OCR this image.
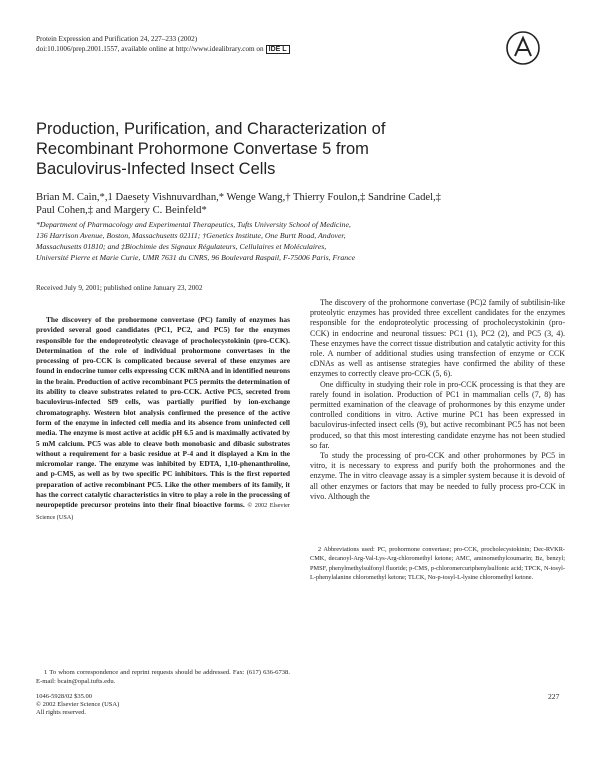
Protein Expression and Purification 24, 227–233 (2002)
doi:10.1006/prep.2001.1557, available online at http://www.idealibrary.com on IDE L
Production, Purification, and Characterization of
Recombinant Prohormone Convertase 5 from
Baculovirus-Infected Insect Cells
Brian M. Cain,*,1 Daesety Vishnuvardhan,* Wenge Wang,† Thierry Foulon,‡ Sandrine Cadel,‡
Paul Cohen,‡ and Margery C. Beinfeld*
*Department of Pharmacology and Experimental Therapeutics, Tufts University School of Medicine,
136 Harrison Avenue, Boston, Massachusetts 02111; †Genetics Institute, One Burtt Road, Andover,
Massachusetts 01810; and ‡Biochimie des Signaux Régulateurs, Cellulaires et Moléculaires,
Université Pierre et Marie Curie, UMR 7631 du CNRS, 96 Boulevard Raspail, F-75006 Paris, France
Received July 9, 2001; published online January 23, 2002

The discovery of the prohormone convertase (PC) family of enzymes has provided several good candidates (PC1, PC2, and PC5) for the enzymes responsible for the endoproteolytic cleavage of procholecystokinin (pro-CCK). Determination of the role of individual prohormone convertases in the processing of pro-CCK is complicated because several of these enzymes are found in endocrine tumor cells expressing CCK mRNA and in identified neurons in the brain. Production of active recombinant PC5 permits the determination of its ability to cleave substrates related to pro-CCK. Active PC5, secreted from baculovirus-infected Sf9 cells, was partially purified by ion-exchange chromatography. Western blot analysis confirmed the presence of the active form of the enzyme in infected cell media and its absence from uninfected cell media. The enzyme is most active at acidic pH 6.5 and is maximally activated by 5 mM calcium. PC5 was able to cleave both monobasic and dibasic substrates without a requirement for a basic residue at P-4 and it displayed a Km in the micromolar range. The enzyme was inhibited by EDTA, 1,10-phenanthroline, and p-CMS, as well as by two specific PC inhibitors. This is the first reported preparation of active recombinant PC5. Like the other members of its family, it has the correct catalytic characteristics in vitro to play a role in the processing of neuropeptide precursor proteins into their final bioactive forms. © 2002 Elsevier Science (USA)

The discovery of the prohormone convertase (PC)2 family of subtilisin-like proteolytic enzymes has provided three excellent candidates for the enzymes responsible for the endoproteolytic processing of procholecystokinin (pro-CCK) in endocrine and neuronal tissues: PC1 (1), PC2 (2), and PC5 (3, 4). These enzymes have the correct tissue distribution and catalytic activity for this role. A number of additional studies using transfection of enzyme or CCK cDNAs as well as antisense strategies have confirmed the ability of these enzymes to correctly cleave pro-CCK (5, 6).

One difficulty in studying their role in pro-CCK processing is that they are rarely found in isolation. Production of PC1 in mammalian cells (7, 8) has permitted examination of the cleavage of prohormones by this enzyme under controlled conditions in vitro. Active murine PC1 has been expressed in baculovirus-infected insect cells (9), but active recombinant PC5 has not been produced, so that this most interesting candidate enzyme has not been studied so far.

To study the processing of pro-CCK and other prohormones by PC5 in vitro, it is necessary to express and purify both the prohormones and the enzyme. The in vitro cleavage assay is a simpler system because it is devoid of all other enzymes or factors that may be needed to fully process pro-CCK in vivo. Although the

1 To whom correspondence and reprint requests should be addressed. Fax: (617) 636-6738. E-mail: bcain@opal.tufts.edu.
2 Abbreviations used: PC, prohormone convertase; pro-CCK, procholecystokinin; Dec-RVKR-CMK, decanoyl-Arg-Val-Lys-Arg-chloromethyl ketone; AMC, aminomethylcoumarin; Bz, benzyl; PMSF, phenylmethylsulfonyl fluoride; p-CMS, p-chloromercuriphenylsulfonic acid; TPCK, N-tosyl-L-phenylalanine chloromethyl ketone; TLCK, Nα-p-tosyl-L-lysine chloromethyl ketone.
1046-5928/02 $35.00
© 2002 Elsevier Science (USA)
All rights reserved.
227
